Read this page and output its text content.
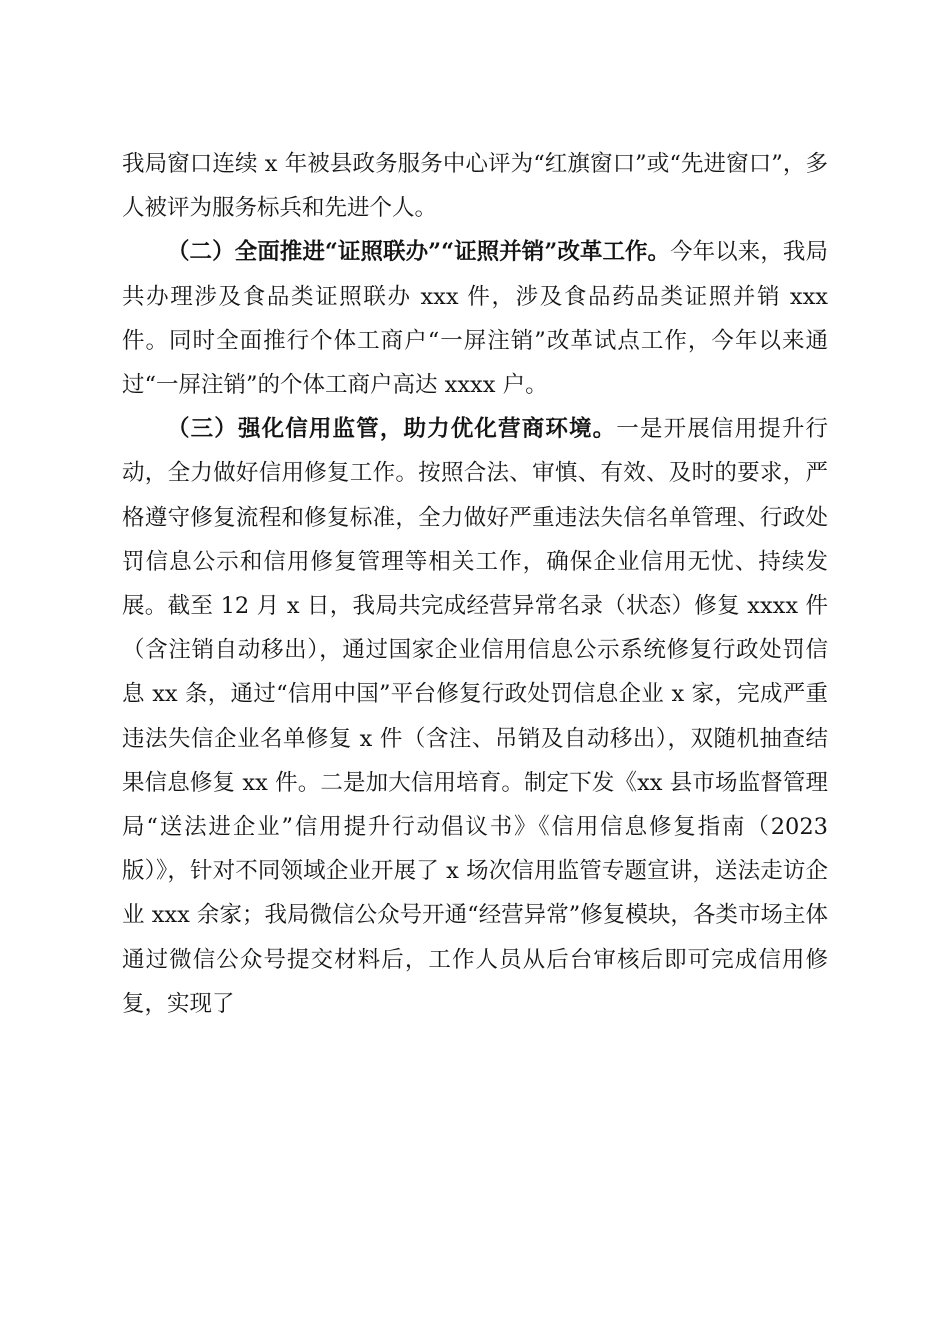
我局窗口连续 x 年被县政务服务中心评为“红旗窗口”或“先进窗口”，多人被评为服务标兵和先进个人。

（二）全面推进“证照联办”“证照并销”改革工作。今年以来，我局共办理涉及食品类证照联办 xxx 件，涉及食品药品类证照并销 xxx 件。同时全面推行个体工商户“一屏注销”改革试点工作，今年以来通过“一屏注销”的个体工商户高达 xxxx 户。

（三）强化信用监管，助力优化营商环境。一是开展信用提升行动，全力做好信用修复工作。按照合法、审慎、有效、及时的要求，严格遵守修复流程和修复标准，全力做好严重违法失信名单管理、行政处罚信息公示和信用修复管理等相关工作，确保企业信用无忧、持续发展。截至 12 月 x 日，我局共完成经营异常名录（状态）修复 xxxx 件（含注销自动移出），通过国家企业信用信息公示系统修复行政处罚信息 xx 条，通过“信用中国”平台修复行政处罚信息企业 x 家，完成严重违法失信企业名单修复 x 件（含注、吊销及自动移出），双随机抽查结果信息修复 xx 件。二是加大信用培育。制定下发《xx 县市场监督管理局“送法进企业”信用提升行动倡议书》《信用信息修复指南（2023 版）》，针对不同领域企业开展了 x 场次信用监管专题宣讲，送法走访企业 xxx 余家；我局微信公众号开通“经营异常”修复模块，各类市场主体通过微信公众号提交材料后，工作人员从后台审核后即可完成信用修复，实现了
